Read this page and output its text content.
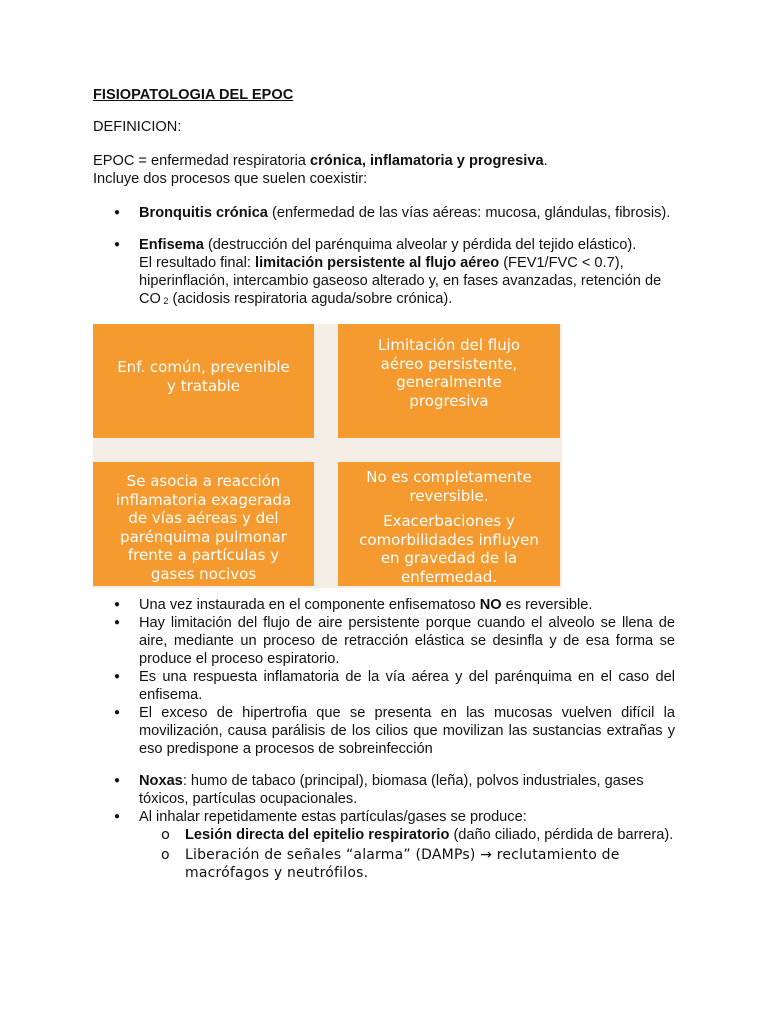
FISIOPATOLOGIA DEL EPOC

DEFINICION:

EPOC = enfermedad respiratoria crónica, inflamatoria y progresiva.
Incluye dos procesos que suelen coexistir:

● Bronquitis crónica (enfermedad de las vías aéreas: mucosa, glándulas, fibrosis).
● Enfisema (destrucción del parénquima alveolar y pérdida del tejido elástico).
El resultado final: limitación persistente al flujo aéreo (FEV1/FVC < 0.7), hiperinflación, intercambio gaseoso alterado y, en fases avanzadas, retención de CO 2 (acidosis respiratoria aguda/sobre crónica).
Enf. común, prevenible
y tratable
Limitación del flujo
aéreo persistente,
generalmente
progresiva
Se asocia a reacción
inflamatoria exagerada
de vías aéreas y del
parénquima pulmonar
frente a partículas y
gases nocivos
No es completamente
reversible.
Exacerbaciones y
comorbilidades influyen
en gravedad de la
enfermedad.
● Una vez instaurada en el componente enfisematoso NO es reversible.
● Hay limitación del flujo de aire persistente porque cuando el alveolo se llena de aire, mediante un proceso de retracción elástica se desinfla y de esa forma se produce el proceso espiratorio.
● Es una respuesta inflamatoria de la vía aérea y del parénquima en el caso del enfisema.
● El exceso de hipertrofia que se presenta en las mucosas vuelven difícil la movilización, causa parálisis de los cilios que movilizan las sustancias extrañas y eso predispone a procesos de sobreinfección
● Noxas: humo de tabaco (principal), biomasa (leña), polvos industriales, gases tóxicos, partículas ocupacionales.
● Al inhalar repetidamente estas partículas/gases se produce:
o Lesión directa del epitelio respiratorio (daño ciliado, pérdida de barrera).
o Liberación de señales “alarma” (DAMPs) → reclutamiento de macrófagos y neutrófilos.
